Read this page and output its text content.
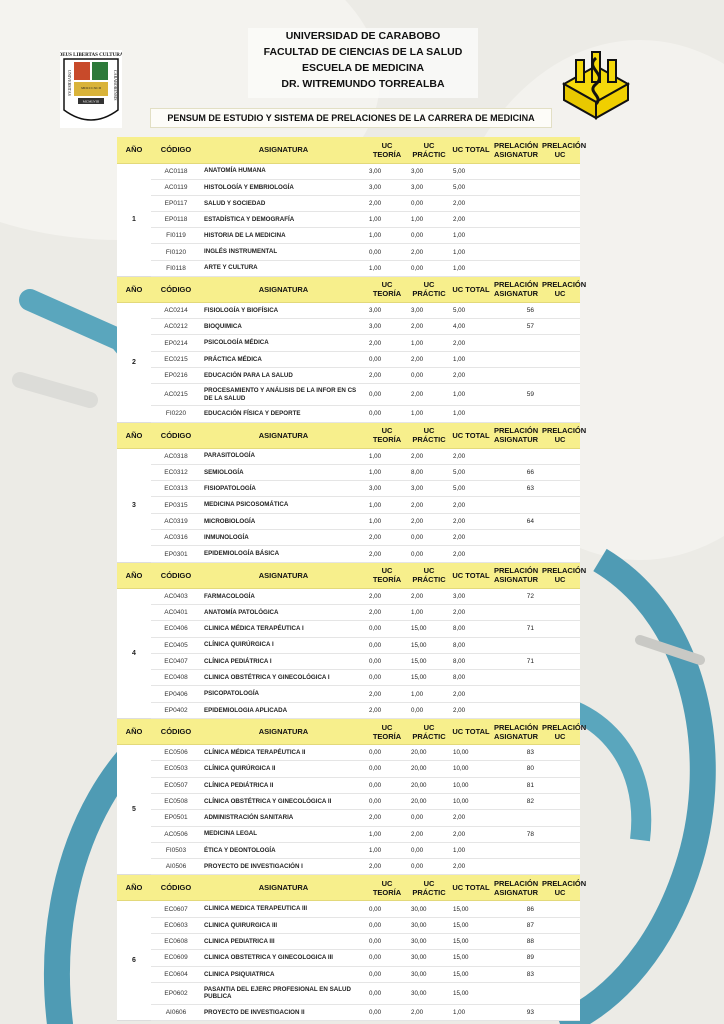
DEUS LIBERTAS CULTURA
MDCCCXCII
MCMLVIII
UNIVERSITAS	CARABOBENSIS
UNIVERSIDAD DE CARABOBO
FACULTAD DE CIENCIAS DE LA SALUD
ESCUELA DE MEDICINA
DR. WITREMUNDO TORREALBA
PENSUM DE ESTUDIO Y SISTEMA DE PRELACIONES DE LA CARRERA DE MEDICINA
AÑO	CÓDIGO	ASIGNATURA	UC TEORÍA	UC PRÁCTIC	UC TOTAL	PRELACIÓN ASIGNATUR	PRELACIÓN UC
1	AC0118	ANATOMÍA HUMANA	3,00	3,00	5,00		
	AC0119	HISTOLOGÍA Y EMBRIOLOGÍA	3,00	3,00	5,00		
	EP0117	SALUD Y SOCIEDAD	2,00	0,00	2,00		
	EP0118	ESTADÍSTICA Y DEMOGRAFÍA	1,00	1,00	2,00		
	FI0119	HISTORIA DE LA MEDICINA	1,00	0,00	1,00		
	FI0120	INGLÉS INSTRUMENTAL	0,00	2,00	1,00		
	FI0118	ARTE Y CULTURA	1,00	0,00	1,00		
AÑO	CÓDIGO	ASIGNATURA	UC TEORÍA	UC PRÁCTIC	UC TOTAL	PRELACIÓN ASIGNATUR	PRELACIÓN UC
2	AC0214	FISIOLOGÍA Y BIOFÍSICA	3,00	3,00	5,00	56	
	AC0212	BIOQUIMICA	3,00	2,00	4,00	57	
	EP0214	PSICOLOGÍA MÉDICA	2,00	1,00	2,00		
	EC0215	PRÁCTICA MÉDICA	0,00	2,00	1,00		
	EP0216	EDUCACIÓN PARA LA SALUD	2,00	0,00	2,00		
	AC0215	PROCESAMIENTO Y ANÁLISIS DE LA INFOR EN CS DE LA SALUD	0,00	2,00	1,00	59	
	FI0220	EDUCACIÓN FÍSICA Y DEPORTE	0,00	1,00	1,00		
AÑO	CÓDIGO	ASIGNATURA	UC TEORÍA	UC PRÁCTIC	UC TOTAL	PRELACIÓN ASIGNATUR	PRELACIÓN UC
3	AC0318	PARASITOLOGÍA	1,00	2,00	2,00		
	EC0312	SEMIOLOGÍA	1,00	8,00	5,00	66	
	EC0313	FISIOPATOLOGÍA	3,00	3,00	5,00	63	
	EP0315	MEDICINA PSICOSOMÁTICA	1,00	2,00	2,00		
	AC0319	MICROBIOLOGÍA	1,00	2,00	2,00	64	
	AC0316	INMUNOLOGÍA	2,00	0,00	2,00		
	EP0301	EPIDEMIOLOGÍA BÁSICA	2,00	0,00	2,00		
AÑO	CÓDIGO	ASIGNATURA	UC TEORÍA	UC PRÁCTIC	UC TOTAL	PRELACIÓN ASIGNATUR	PRELACIÓN UC
4	AC0403	FARMACOLOGÍA	2,00	2,00	3,00	72	
	AC0401	ANATOMÍA PATOLÓGICA	2,00	1,00	2,00		
	EC0406	CLINICA MÉDICA TERAPÉUTICA I	0,00	15,00	8,00	71	
	EC0405	CLÍNICA QUIRÚRGICA I	0,00	15,00	8,00		
	EC0407	CLÍNICA PEDIÁTRICA I	0,00	15,00	8,00	71	
	EC0408	CLINICA OBSTÉTRICA Y GINECOLÓGICA I	0,00	15,00	8,00		
	EP0406	PSICOPATOLOGÍA	2,00	1,00	2,00		
	EP0402	EPIDEMIOLOGIA APLICADA	2,00	0,00	2,00		
AÑO	CÓDIGO	ASIGNATURA	UC TEORÍA	UC PRÁCTIC	UC TOTAL	PRELACIÓN ASIGNATUR	PRELACIÓN UC
5	EC0506	CLÍNICA MÉDICA TERAPÉUTICA II	0,00	20,00	10,00	83	
	EC0503	CLÍNICA QUIRÚRGICA II	0,00	20,00	10,00	80	
	EC0507	CLÍNICA PEDIÁTRICA II	0,00	20,00	10,00	81	
	EC0508	CLÍNICA OBSTÉTRICA Y GINECOLÓGICA II	0,00	20,00	10,00	82	
	EP0501	ADMINISTRACIÓN SANITARIA	2,00	0,00	2,00		
	AC0506	MEDICINA LEGAL	1,00	2,00	2,00	78	
	FI0503	ÉTICA Y DEONTOLOGÍA	1,00	0,00	1,00		
	AI0506	PROYECTO DE INVESTIGACIÓN I	2,00	0,00	2,00		
AÑO	CÓDIGO	ASIGNATURA	UC TEORÍA	UC PRÁCTIC	UC TOTAL	PRELACIÓN ASIGNATUR	PRELACIÓN UC
6	EC0607	CLINICA MEDICA TERAPEUTICA III	0,00	30,00	15,00	86	
	EC0603	CLINICA QUIRURGICA III	0,00	30,00	15,00	87	
	EC0608	CLINICA PEDIATRICA III	0,00	30,00	15,00	88	
	EC0609	CLINICA OBSTETRICA Y GINECOLOGICA III	0,00	30,00	15,00	89	
	EC0604	CLINICA PSIQUIATRICA	0,00	30,00	15,00	83	
	EP0602	PASANTIA DEL EJERC PROFESIONAL EN SALUD PUBLICA	0,00	30,00	15,00		
	AI0606	PROYECTO DE INVESTIGACION II	0,00	2,00	1,00	93	
